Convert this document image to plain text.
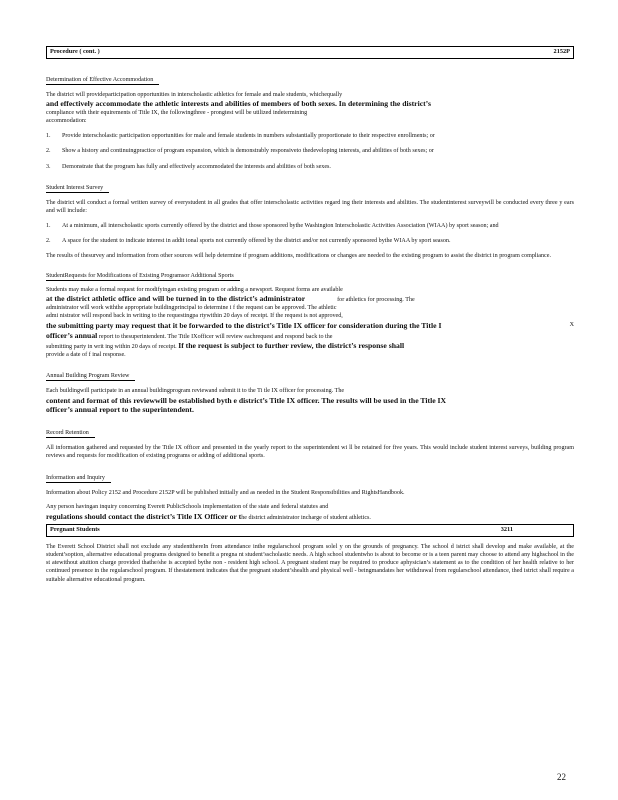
Procedure ( cont. )	2152P

Determination of Effective Accommodation

The district will provideparticipation opportunities in interscholastic athletics for female and male students, whichequally

and effectively accommodate the athletic interests and abilities of members of both sexes. In determining the district’s

compliance with their equirements of Title IX, the followingthree - prongtest will be utilized indetermining

accommodation:

1. Provide interscholastic participation opportunities for male and female students in numbers substantially proportionate to their respective enrollments; or

2. Show a history and continuingpractice of program expansion, which is demonstrably responsiveto thedeveloping interests, and abilities of both sexes; or

3. Demonstrate that the program has fully and effectively accommodated the interests and abilities of both sexes.

Student Interest Survey

The district will conduct a formal written survey of everystudent in all grades that offer interscholastic activities regard ing their interests and abilities. The studentinterest surveywill be conducted every three y ears and will include:

1. At a minimum, all interscholastic sports currently offered by the district and those sponsored bythe Washington Interscholastic Activities Association (WIAA) by sport season; and

2. A space for the student to indicate interest in addit ional sports not currently offered by the district and/or not currently sponsored bythe WIAA by sport season.

The results of thesurvey and information from other sources will help determine if program additions, modifications or changes are needed to the existing program to assist the district in program compliance.

StudentRequests for Modifications of Existing Programsor Additional Sports

Students may make a formal request for modifyingan existing program or adding a newsport. Request forms are available

at the district athletic office and will be turned in to the district’s administrator	for athletics for processing. The

administrator will work withthe appropriate buildingprincipal to determine i f the request can be approved. The athletic

admi nistrator will respond back in writing to the requestingpa rtywithin 20 days of receipt. If the request is not approved,

the submitting party may request that it be forwarded to the district’s Title IX officer for consideration during the Title I	X

officer’s annual report to thesuperintendent. The Title IXofficer will review eachrequest and respond back to the

submitting party in writ ing within 20 days of receipt. If the request is subject to further review, the district’s response shall

provide a date of f inal response.

Annual Building Program Review

Each buildingwill participate in an annual buildingprogram reviewand submit it to the Ti tle IX officer for processing. The

content and format of this reviewwill be established byth e district’s Title IX officer. The results will be used in the Title IX

officer’s annual report to the superintendent.

Record Retention

All information gathered and requested by the Title IX officer and presented in the yearly report to the superintendent wi ll be retained for five years. This would include student interest surveys, building program reviews and requests for modification of existing programs or adding of additional sports.

Information and Inquiry

Information about Policy 2152 and Procedure 2152P will be published initially and as needed in the Student Responsibilities and RightsHandbook.

Any person havingan inquiry concerning Everett PublicSchools implementation of the state and federal statutes and

regulations should contact the district’s Title IX Officer or the district administrator incharge of student athletics.

Pregnant Students	3211

The Everett School District shall not exclude any studentthereIn from attendance inthe regularschool program solel y on the grounds of pregnancy. The school d istrict shall develop and make available, at the student’soption, alternative educational programs designed to benefit a pregna nt student’sscholastic needs. A high school studentwho is about to become or is a teen parent may choose to attend any highschool in the st atewithout atuition charge provided thathe/she is accepted bythe non - resident high school. A pregnant student may be required to produce aphysician’s statement as to the condition of her health relative to her continued presence in the regularschool program. If thestatement indicates that the pregnant student’shealth and physical well - beingmandates her withdrawal from regularschool attendance, thed istrict shall require a suitable alternative educational program.

22
